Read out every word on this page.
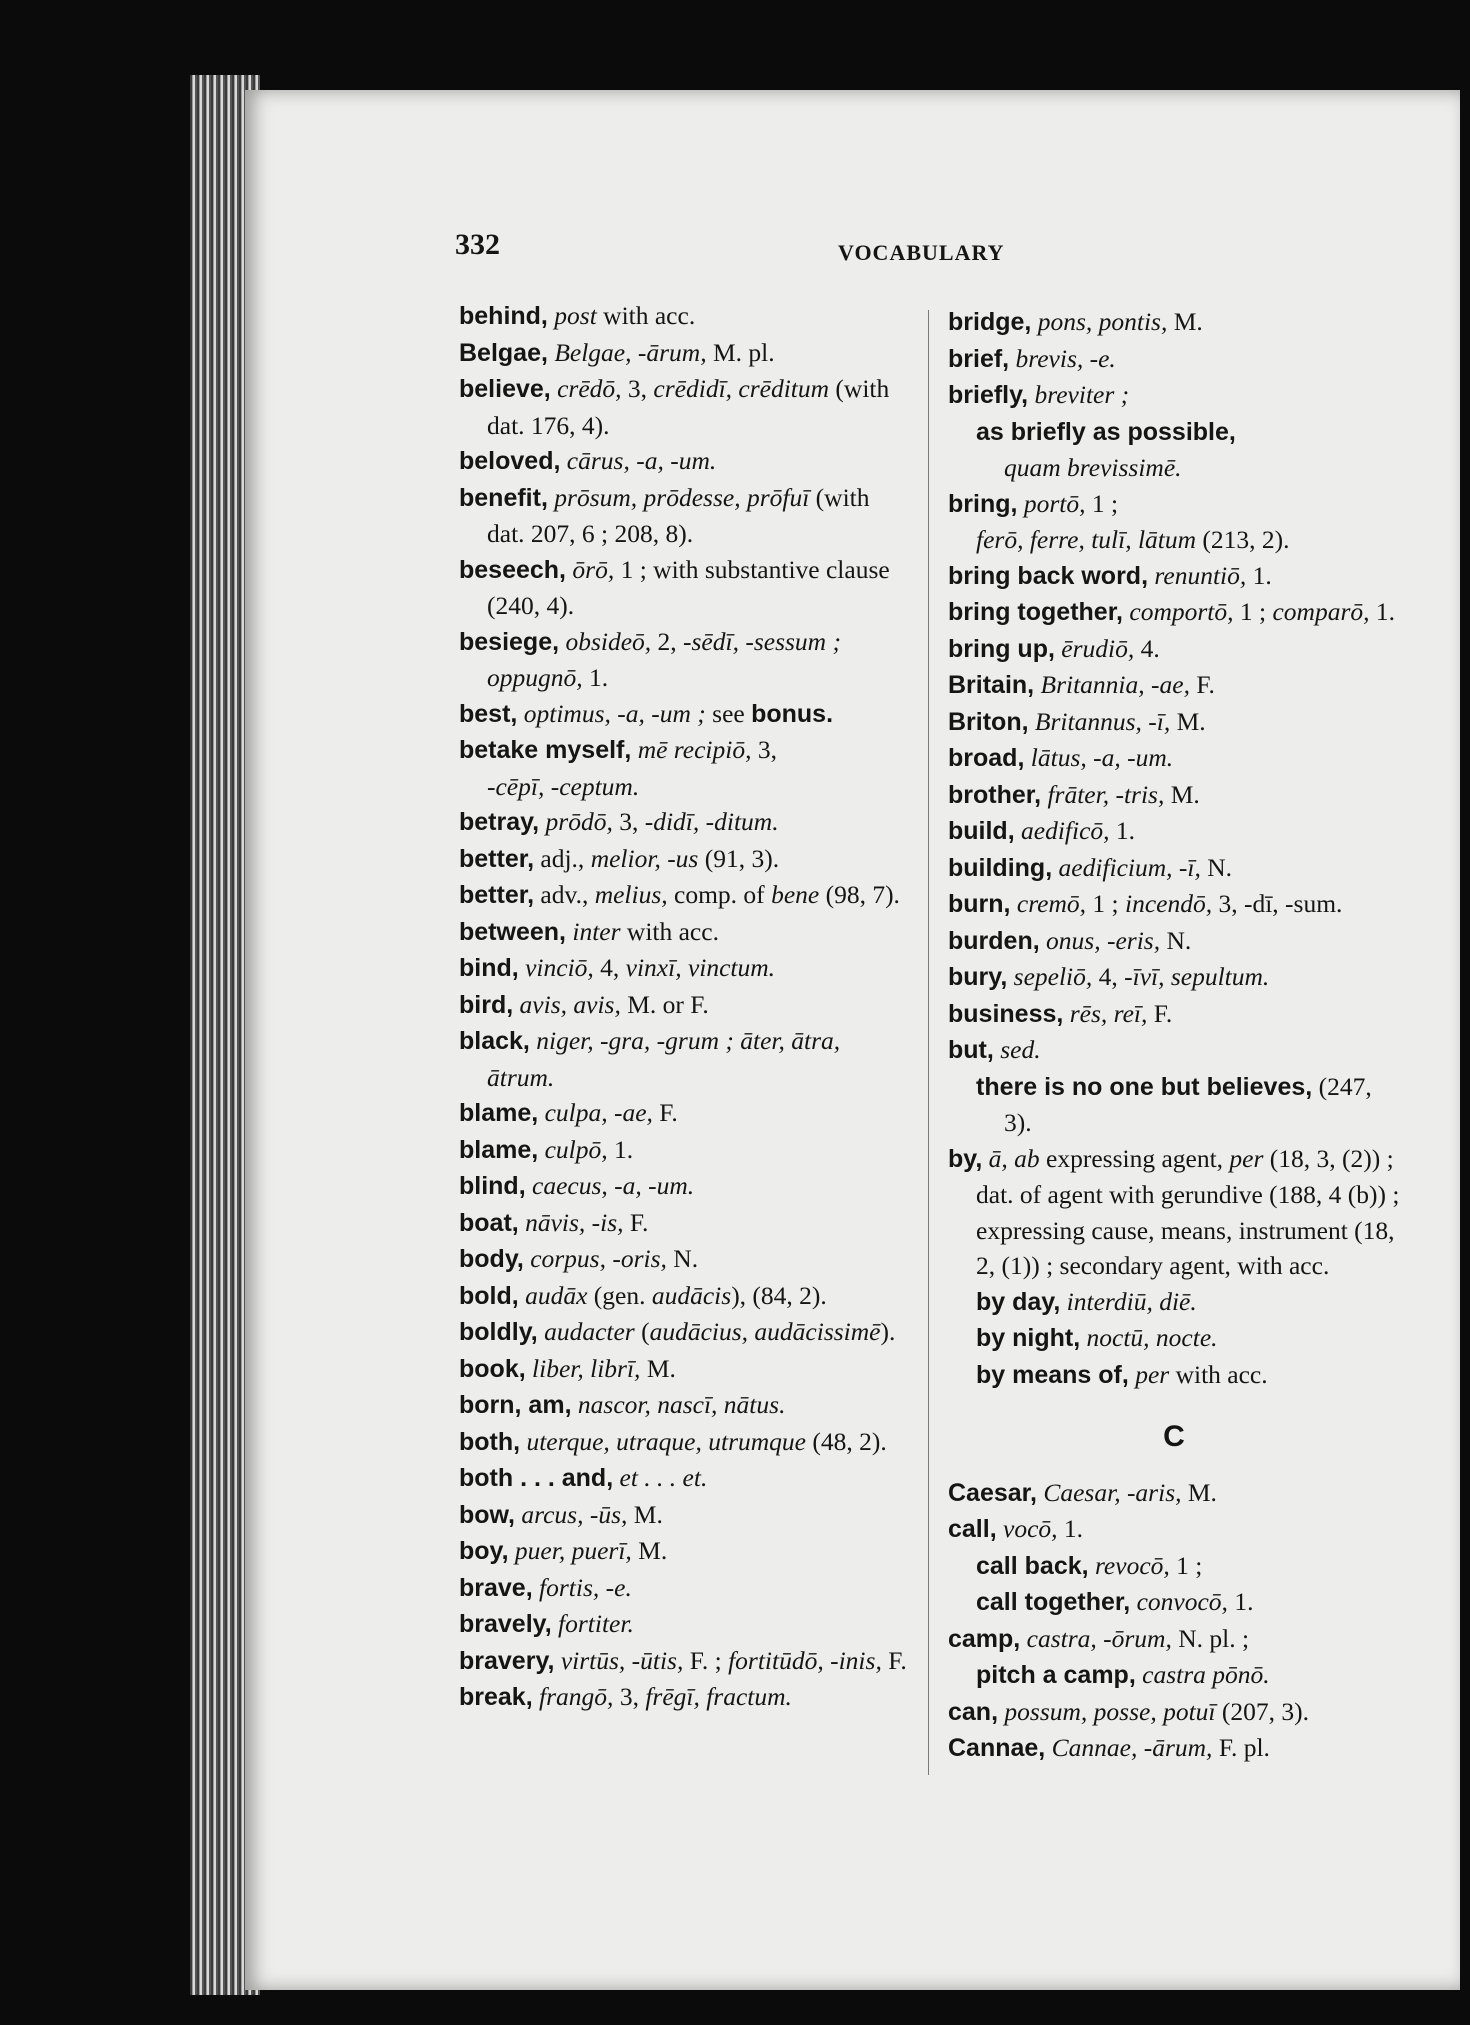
332	VOCABULARY
behind, post with acc.
Belgae, Belgae, -ārum, M. pl.
believe, crēdō, 3, crēdidī, crēditum (with dat. 176, 4).
beloved, cārus, -a, -um.
benefit, prōsum, prōdesse, prōfuī (with dat. 207, 6 ; 208, 8).
beseech, ōrō, 1 ; with substantive clause (240, 4).
besiege, obsideō, 2, -sēdī, -sessum ; oppugnō, 1.
best, optimus, -a, -um ; see bonus.
betake myself, mē recipiō, 3,
-cēpī, -ceptum.
betray, prōdō, 3, -didī, -ditum.
better, adj., melior, -us (91, 3).
better, adv., melius, comp. of bene (98, 7).
between, inter with acc.
bind, vinciō, 4, vinxī, vinctum.
bird, avis, avis, M. or F.
black, niger, -gra, -grum ; āter, ātra, ātrum.
blame, culpa, -ae, F.
blame, culpō, 1.
blind, caecus, -a, -um.
boat, nāvis, -is, F.
body, corpus, -oris, N.
bold, audāx (gen. audācis), (84, 2).
boldly, audacter (audācius, audācissimē).
book, liber, librī, M.
born, am, nascor, nascī, nātus.
both, uterque, utraque, utrumque (48, 2).
both . . . and, et . . . et.
bow, arcus, -ūs, M.
boy, puer, puerī, M.
brave, fortis, -e.
bravely, fortiter.
bravery, virtūs, -ūtis, F. ; fortitūdō, -inis, F.
break, frangō, 3, frēgī, fractum.
bridge, pons, pontis, M.
brief, brevis, -e.
briefly, breviter ;
as briefly as possible,
quam brevissimē.
bring, portō, 1 ;
ferō, ferre, tulī, lātum (213, 2).
bring back word, renuntiō, 1.
bring together, comportō, 1 ; comparō, 1.
bring up, ērudiō, 4.
Britain, Britannia, -ae, F.
Briton, Britannus, -ī, M.
broad, lātus, -a, -um.
brother, frāter, -tris, M.
build, aedificō, 1.
building, aedificium, -ī, N.
burn, cremō, 1 ; incendō, 3, -dī, -sum.
burden, onus, -eris, N.
bury, sepeliō, 4, -īvī, sepultum.
business, rēs, reī, F.
but, sed.
there is no one but believes, (247, 3).
by, ā, ab expressing agent, per (18, 3, (2)) ; dat. of agent with gerundive (188, 4 (b)) ; expressing cause, means, instrument (18, 2, (1)) ; secondary agent, with acc.
by day, interdiū, diē.
by night, noctū, nocte.
by means of, per with acc.
C
Caesar, Caesar, -aris, M.
call, vocō, 1.
call back, revocō, 1 ;
call together, convocō, 1.
camp, castra, -ōrum, N. pl. ;
pitch a camp, castra pōnō.
can, possum, posse, potuī (207, 3).
Cannae, Cannae, -ārum, F. pl.
